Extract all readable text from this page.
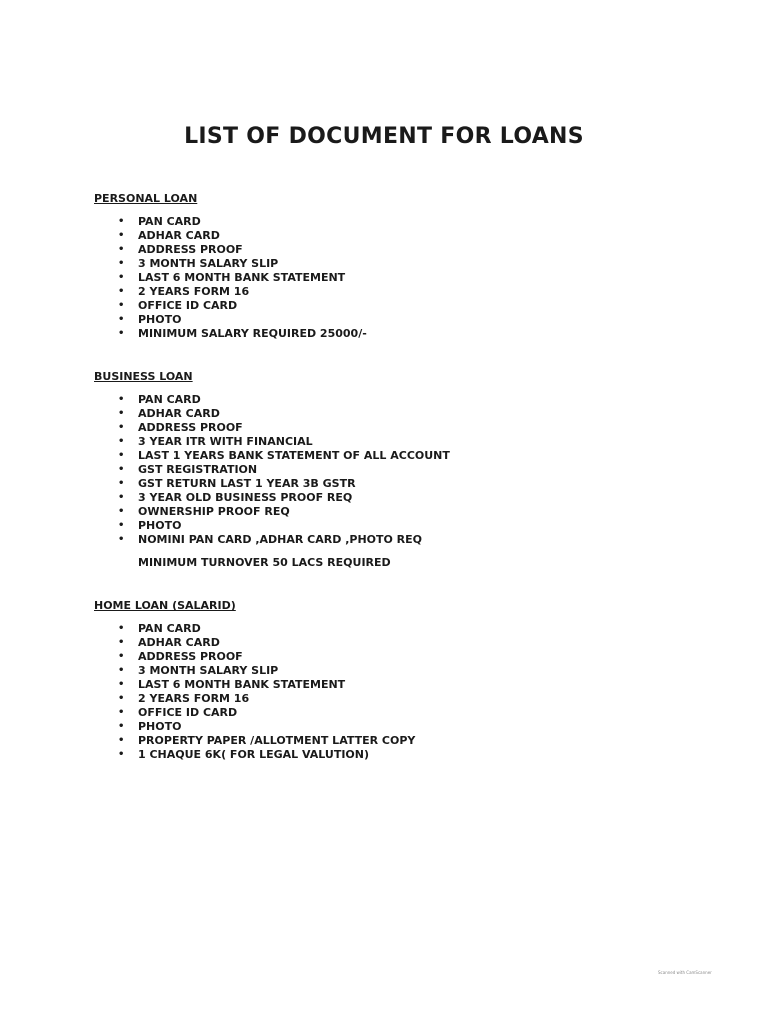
LIST OF DOCUMENT FOR LOANS

PERSONAL LOAN

• PAN CARD
• ADHAR CARD
• ADDRESS PROOF
• 3 MONTH SALARY SLIP
• LAST 6 MONTH BANK STATEMENT
• 2 YEARS FORM 16
• OFFICE ID CARD
• PHOTO
• MINIMUM SALARY REQUIRED 25000/-

BUSINESS LOAN

• PAN CARD
• ADHAR CARD
• ADDRESS PROOF
• 3 YEAR ITR WITH FINANCIAL
• LAST 1 YEARS BANK STATEMENT OF ALL ACCOUNT
• GST REGISTRATION
• GST RETURN LAST 1 YEAR 3B GSTR
• 3 YEAR OLD BUSINESS PROOF REQ
• OWNERSHIP PROOF REQ
• PHOTO
• NOMINI PAN CARD ,ADHAR CARD ,PHOTO REQ
MINIMUM TURNOVER 50 LACS REQUIRED

HOME LOAN (SALARID)

• PAN CARD
• ADHAR CARD
• ADDRESS PROOF
• 3 MONTH SALARY SLIP
• LAST 6 MONTH BANK STATEMENT
• 2 YEARS FORM 16
• OFFICE ID CARD
• PHOTO
• PROPERTY PAPER /ALLOTMENT LATTER COPY
• 1 CHAQUE 6K( FOR LEGAL VALUTION)
Scanned with CamScanner
